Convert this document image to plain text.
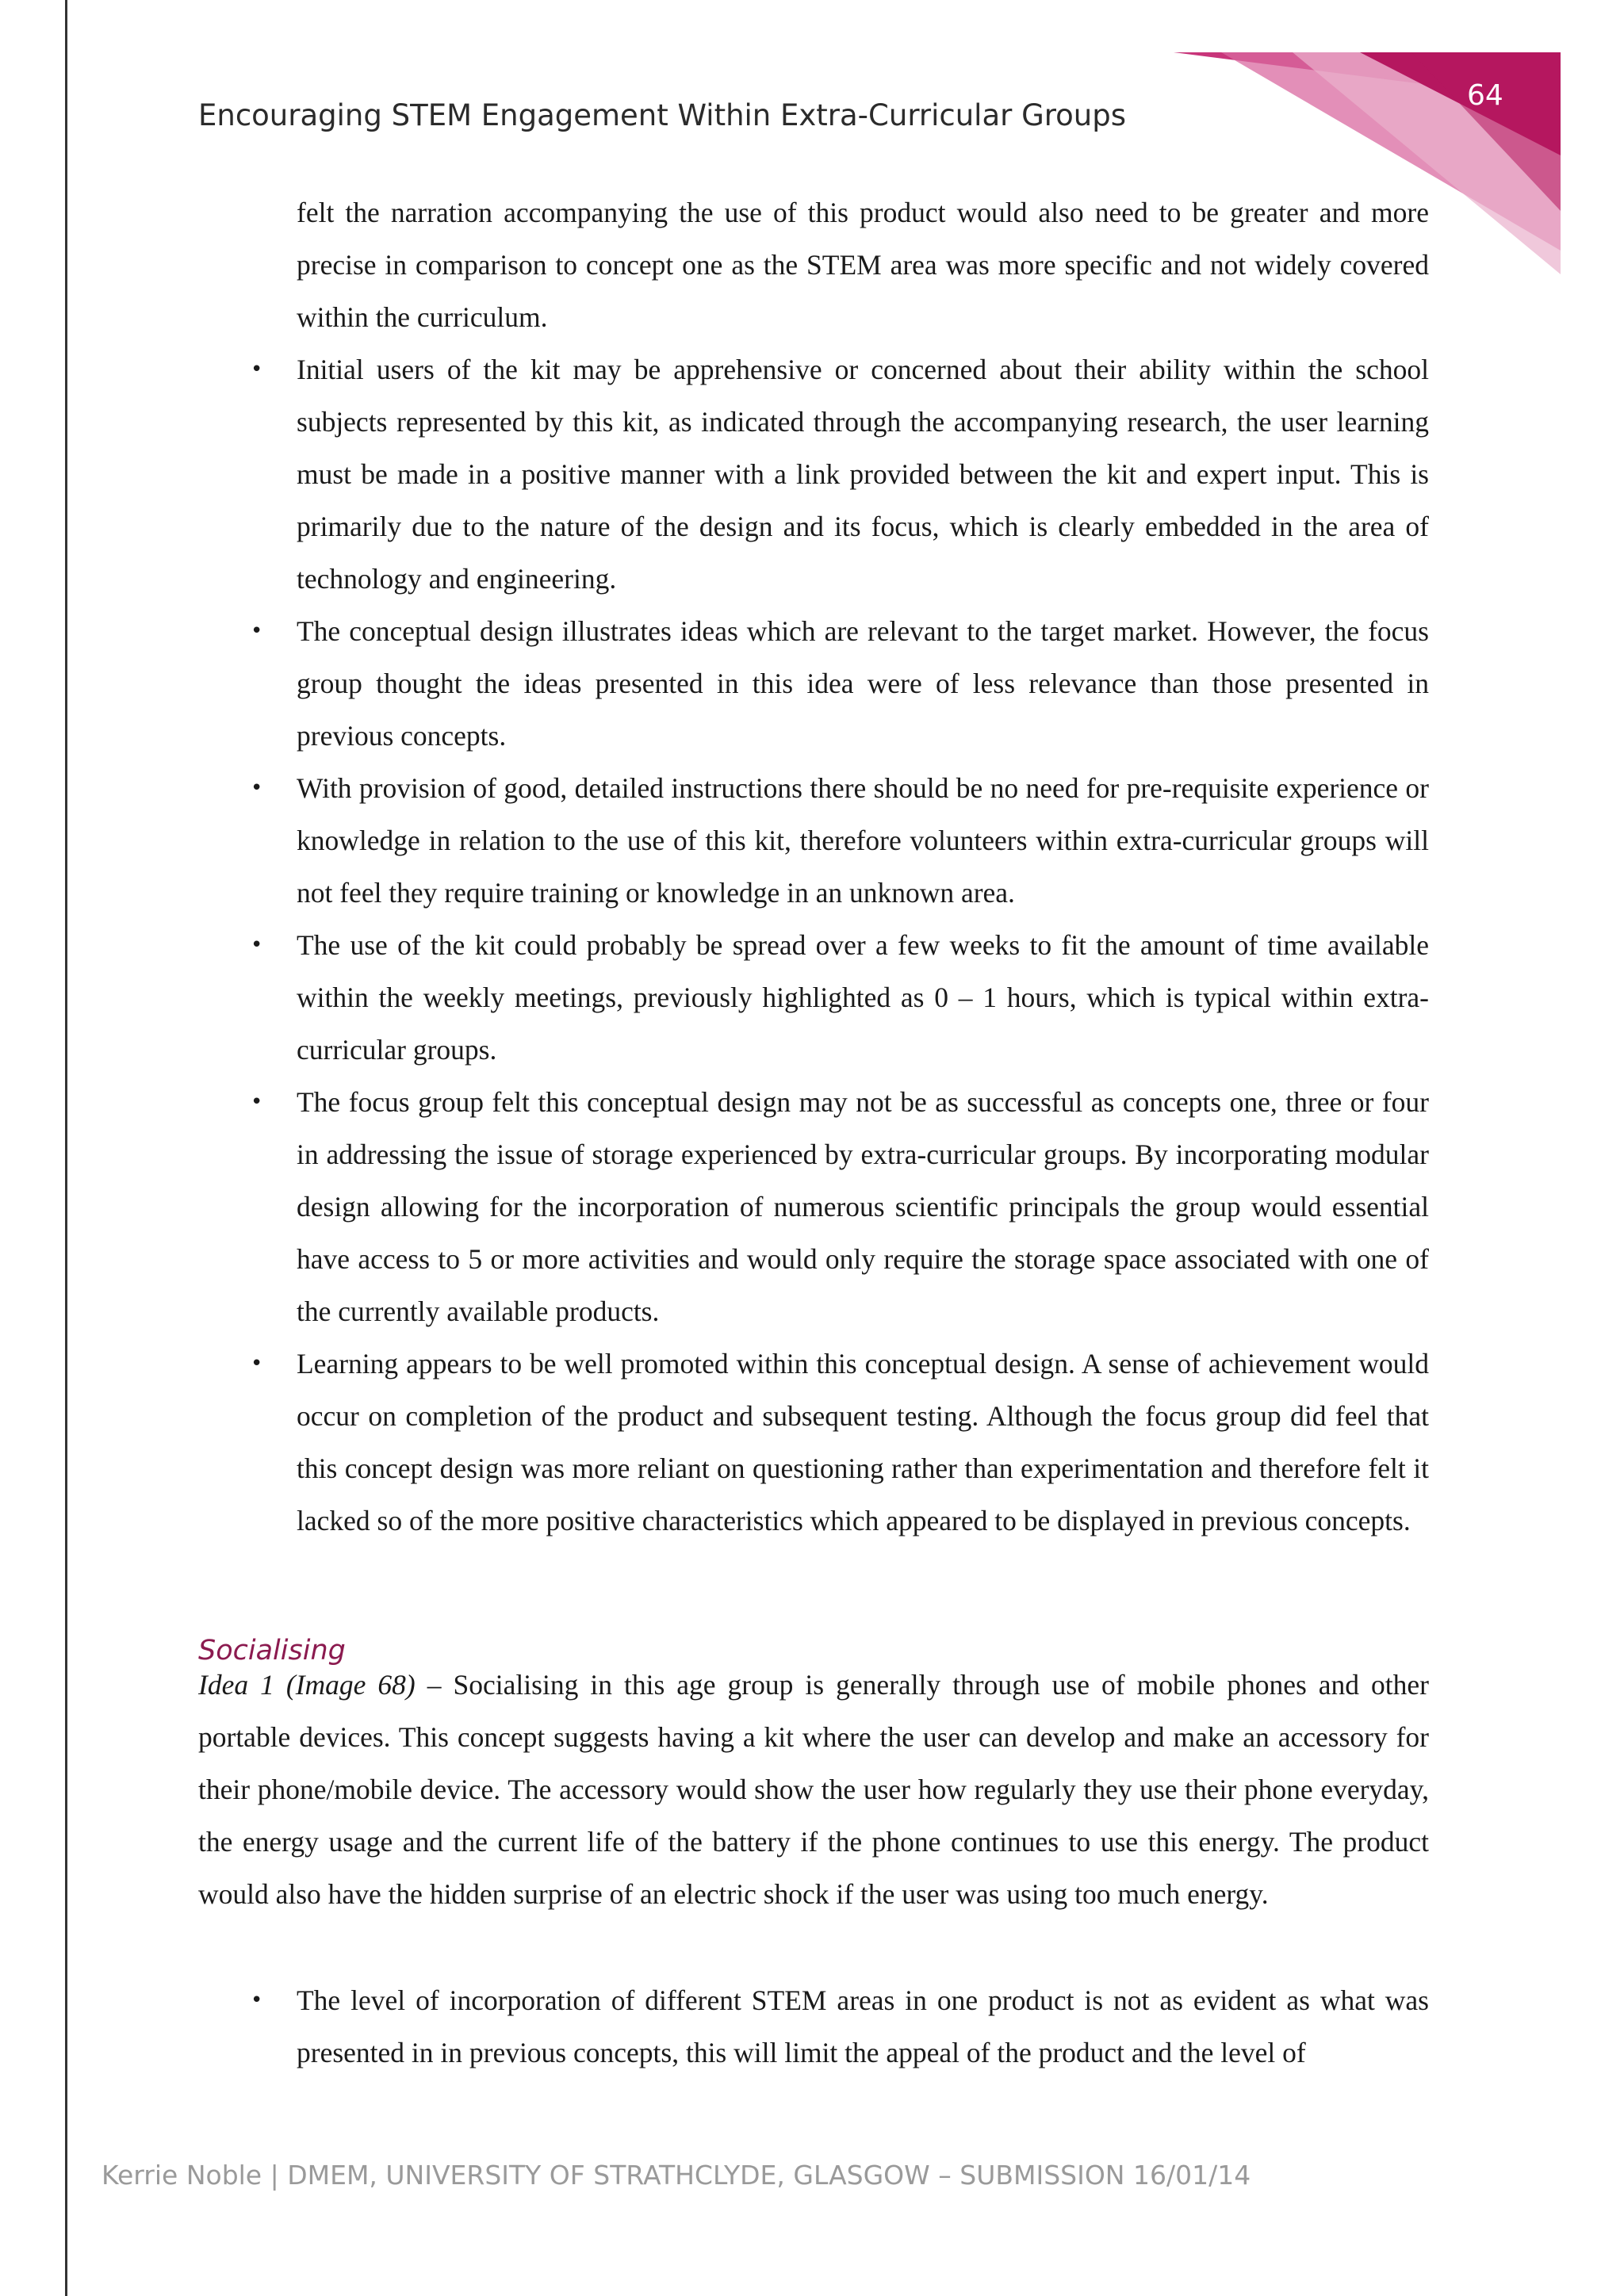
64
Encouraging STEM Engagement Within Extra-Curricular Groups
felt the narration accompanying the use of this product would also need to be greater and more precise in comparison to concept one as the STEM area was more specific and not widely covered within the curriculum.
•	Initial users of the kit may be apprehensive or concerned about their ability within the school subjects represented by this kit, as indicated through the accompanying research, the user learning must be made in a positive manner with a link provided between the kit and expert input. This is primarily due to the nature of the design and its focus, which is clearly embedded in the area of technology and engineering.
•	The conceptual design illustrates ideas which are relevant to the target market. However, the focus group thought the ideas presented in this idea were of less relevance than those presented in previous concepts.
•	With provision of good, detailed instructions there should be no need for pre-requisite experience or knowledge in relation to the use of this kit, therefore volunteers within extra-curricular groups will not feel they require training or knowledge in an unknown area.
•	The use of the kit could probably be spread over a few weeks to fit the amount of time available within the weekly meetings, previously highlighted as 0 – 1 hours, which is typical within extra-curricular groups.
•	The focus group felt this conceptual design may not be as successful as concepts one, three or four in addressing the issue of storage experienced by extra-curricular groups. By incorporating modular design allowing for the incorporation of numerous scientific principals the group would essential have access to 5 or more activities and would only require the storage space associated with one of the currently available products.
•	Learning appears to be well promoted within this conceptual design. A sense of achievement would occur on completion of the product and subsequent testing. Although the focus group did feel that this concept design was more reliant on questioning rather than experimentation and therefore felt it lacked so of the more positive characteristics which appeared to be displayed in previous concepts.
Socialising

Idea 1 (Image 68) – Socialising in this age group is generally through use of mobile phones and other portable devices. This concept suggests having a kit where the user can develop and make an accessory for their phone/mobile device. The accessory would show the user how regularly they use their phone everyday, the energy usage and the current life of the battery if the phone continues to use this energy. The product would also have the hidden surprise of an electric shock if the user was using too much energy.

•	The level of incorporation of different STEM areas in one product is not as evident as what was presented in in previous concepts, this will limit the appeal of the product and the level of
Kerrie Noble | DMEM, UNIVERSITY OF STRATHCLYDE, GLASGOW – SUBMISSION 16/01/14
